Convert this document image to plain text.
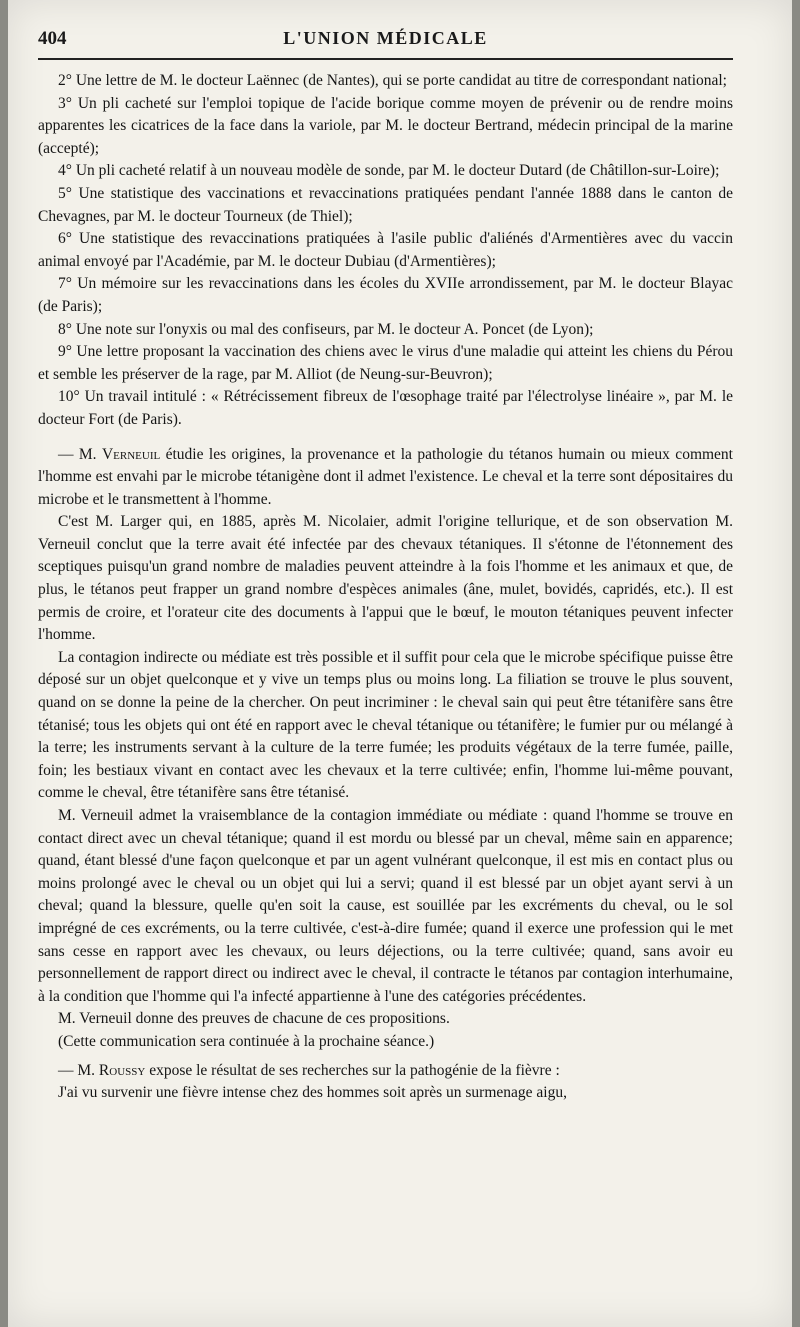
404	L'UNION MÉDICALE

2° Une lettre de M. le docteur Laënnec (de Nantes), qui se porte candidat au titre de correspondant national;

3° Un pli cacheté sur l'emploi topique de l'acide borique comme moyen de prévenir ou de rendre moins apparentes les cicatrices de la face dans la variole, par M. le docteur Bertrand, médecin principal de la marine (accepté);

4° Un pli cacheté relatif à un nouveau modèle de sonde, par M. le docteur Dutard (de Châtillon-sur-Loire);

5° Une statistique des vaccinations et revaccinations pratiquées pendant l'année 1888 dans le canton de Chevagnes, par M. le docteur Tourneux (de Thiel);

6° Une statistique des revaccinations pratiquées à l'asile public d'aliénés d'Armentières avec du vaccin animal envoyé par l'Académie, par M. le docteur Dubiau (d'Armentières);

7° Un mémoire sur les revaccinations dans les écoles du XVIIe arrondissement, par M. le docteur Blayac (de Paris);

8° Une note sur l'onyxis ou mal des confiseurs, par M. le docteur A. Poncet (de Lyon);

9° Une lettre proposant la vaccination des chiens avec le virus d'une maladie qui atteint les chiens du Pérou et semble les préserver de la rage, par M. Alliot (de Neung-sur-Beuvron);

10° Un travail intitulé : « Rétrécissement fibreux de l'œsophage traité par l'électrolyse linéaire », par M. le docteur Fort (de Paris).

— M. Verneuil étudie les origines, la provenance et la pathologie du tétanos humain ou mieux comment l'homme est envahi par le microbe tétanigène dont il admet l'existence. Le cheval et la terre sont dépositaires du microbe et le transmettent à l'homme.

C'est M. Larger qui, en 1885, après M. Nicolaier, admit l'origine tellurique, et de son observation M. Verneuil conclut que la terre avait été infectée par des chevaux tétaniques. Il s'étonne de l'étonnement des sceptiques puisqu'un grand nombre de maladies peuvent atteindre à la fois l'homme et les animaux et que, de plus, le tétanos peut frapper un grand nombre d'espèces animales (âne, mulet, bovidés, capridés, etc.). Il est permis de croire, et l'orateur cite des documents à l'appui que le bœuf, le mouton tétaniques peuvent infecter l'homme.

La contagion indirecte ou médiate est très possible et il suffit pour cela que le microbe spécifique puisse être déposé sur un objet quelconque et y vive un temps plus ou moins long. La filiation se trouve le plus souvent, quand on se donne la peine de la chercher. On peut incriminer : le cheval sain qui peut être tétanifère sans être tétanisé; tous les objets qui ont été en rapport avec le cheval tétanique ou tétanifère; le fumier pur ou mélangé à la terre; les instruments servant à la culture de la terre fumée; les produits végétaux de la terre fumée, paille, foin; les bestiaux vivant en contact avec les chevaux et la terre cultivée; enfin, l'homme lui-même pouvant, comme le cheval, être tétanifère sans être tétanisé.

M. Verneuil admet la vraisemblance de la contagion immédiate ou médiate : quand l'homme se trouve en contact direct avec un cheval tétanique; quand il est mordu ou blessé par un cheval, même sain en apparence; quand, étant blessé d'une façon quelconque et par un agent vulnérant quelconque, il est mis en contact plus ou moins prolongé avec le cheval ou un objet qui lui a servi; quand il est blessé par un objet ayant servi à un cheval; quand la blessure, quelle qu'en soit la cause, est souillée par les excréments du cheval, ou le sol imprégné de ces excréments, ou la terre cultivée, c'est-à-dire fumée; quand il exerce une profession qui le met sans cesse en rapport avec les chevaux, ou leurs déjections, ou la terre cultivée; quand, sans avoir eu personnellement de rapport direct ou indirect avec le cheval, il contracte le tétanos par contagion interhumaine, à la condition que l'homme qui l'a infecté appartienne à l'une des catégories précédentes.

M. Verneuil donne des preuves de chacune de ces propositions.

(Cette communication sera continuée à la prochaine séance.)

— M. Roussy expose le résultat de ses recherches sur la pathogénie de la fièvre :

J'ai vu survenir une fièvre intense chez des hommes soit après un surmenage aigu,
